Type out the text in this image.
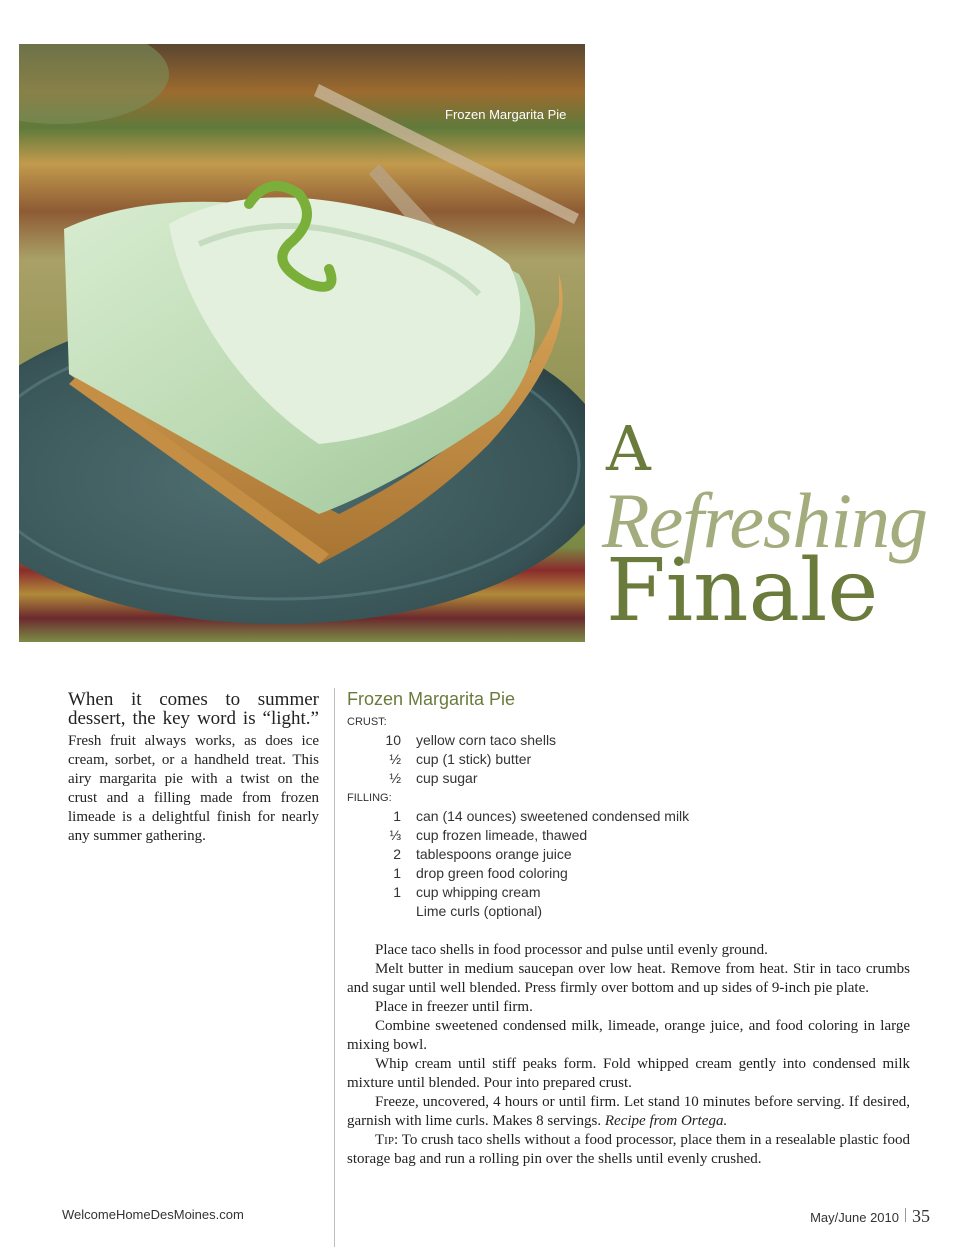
Frozen Margarita Pie
A
Refreshing
Finale
When it comes to summer dessert, the key word is “light.”
Fresh fruit always works, as does ice cream, sorbet, or a handheld treat. This airy margarita pie with a twist on the crust and a filling made from frozen limeade is a delightful finish for nearly any summer gathering.
Frozen Margarita Pie
CRUST:
10 yellow corn taco shells
½ cup (1 stick) butter
½ cup sugar
FILLING:
1 can (14 ounces) sweetened condensed milk
⅓ cup frozen limeade, thawed
2 tablespoons orange juice
1 drop green food coloring
1 cup whipping cream
Lime curls (optional)

Place taco shells in food processor and pulse until evenly ground.

Melt butter in medium saucepan over low heat. Remove from heat. Stir in taco crumbs and sugar until well blended. Press firmly over bottom and up sides of 9-inch pie plate.

Place in freezer until firm.

Combine sweetened condensed milk, limeade, orange juice, and food coloring in large mixing bowl.

Whip cream until stiff peaks form. Fold whipped cream gently into condensed milk mixture until blended. Pour into prepared crust.

Freeze, uncovered, 4 hours or until firm. Let stand 10 minutes before serving. If desired, garnish with lime curls. Makes 8 servings. Recipe from Ortega.

Tip: To crush taco shells without a food processor, place them in a resealable plastic food storage bag and run a rolling pin over the shells until evenly crushed.

WelcomeHomeDesMoines.com	May/June 2010 35
